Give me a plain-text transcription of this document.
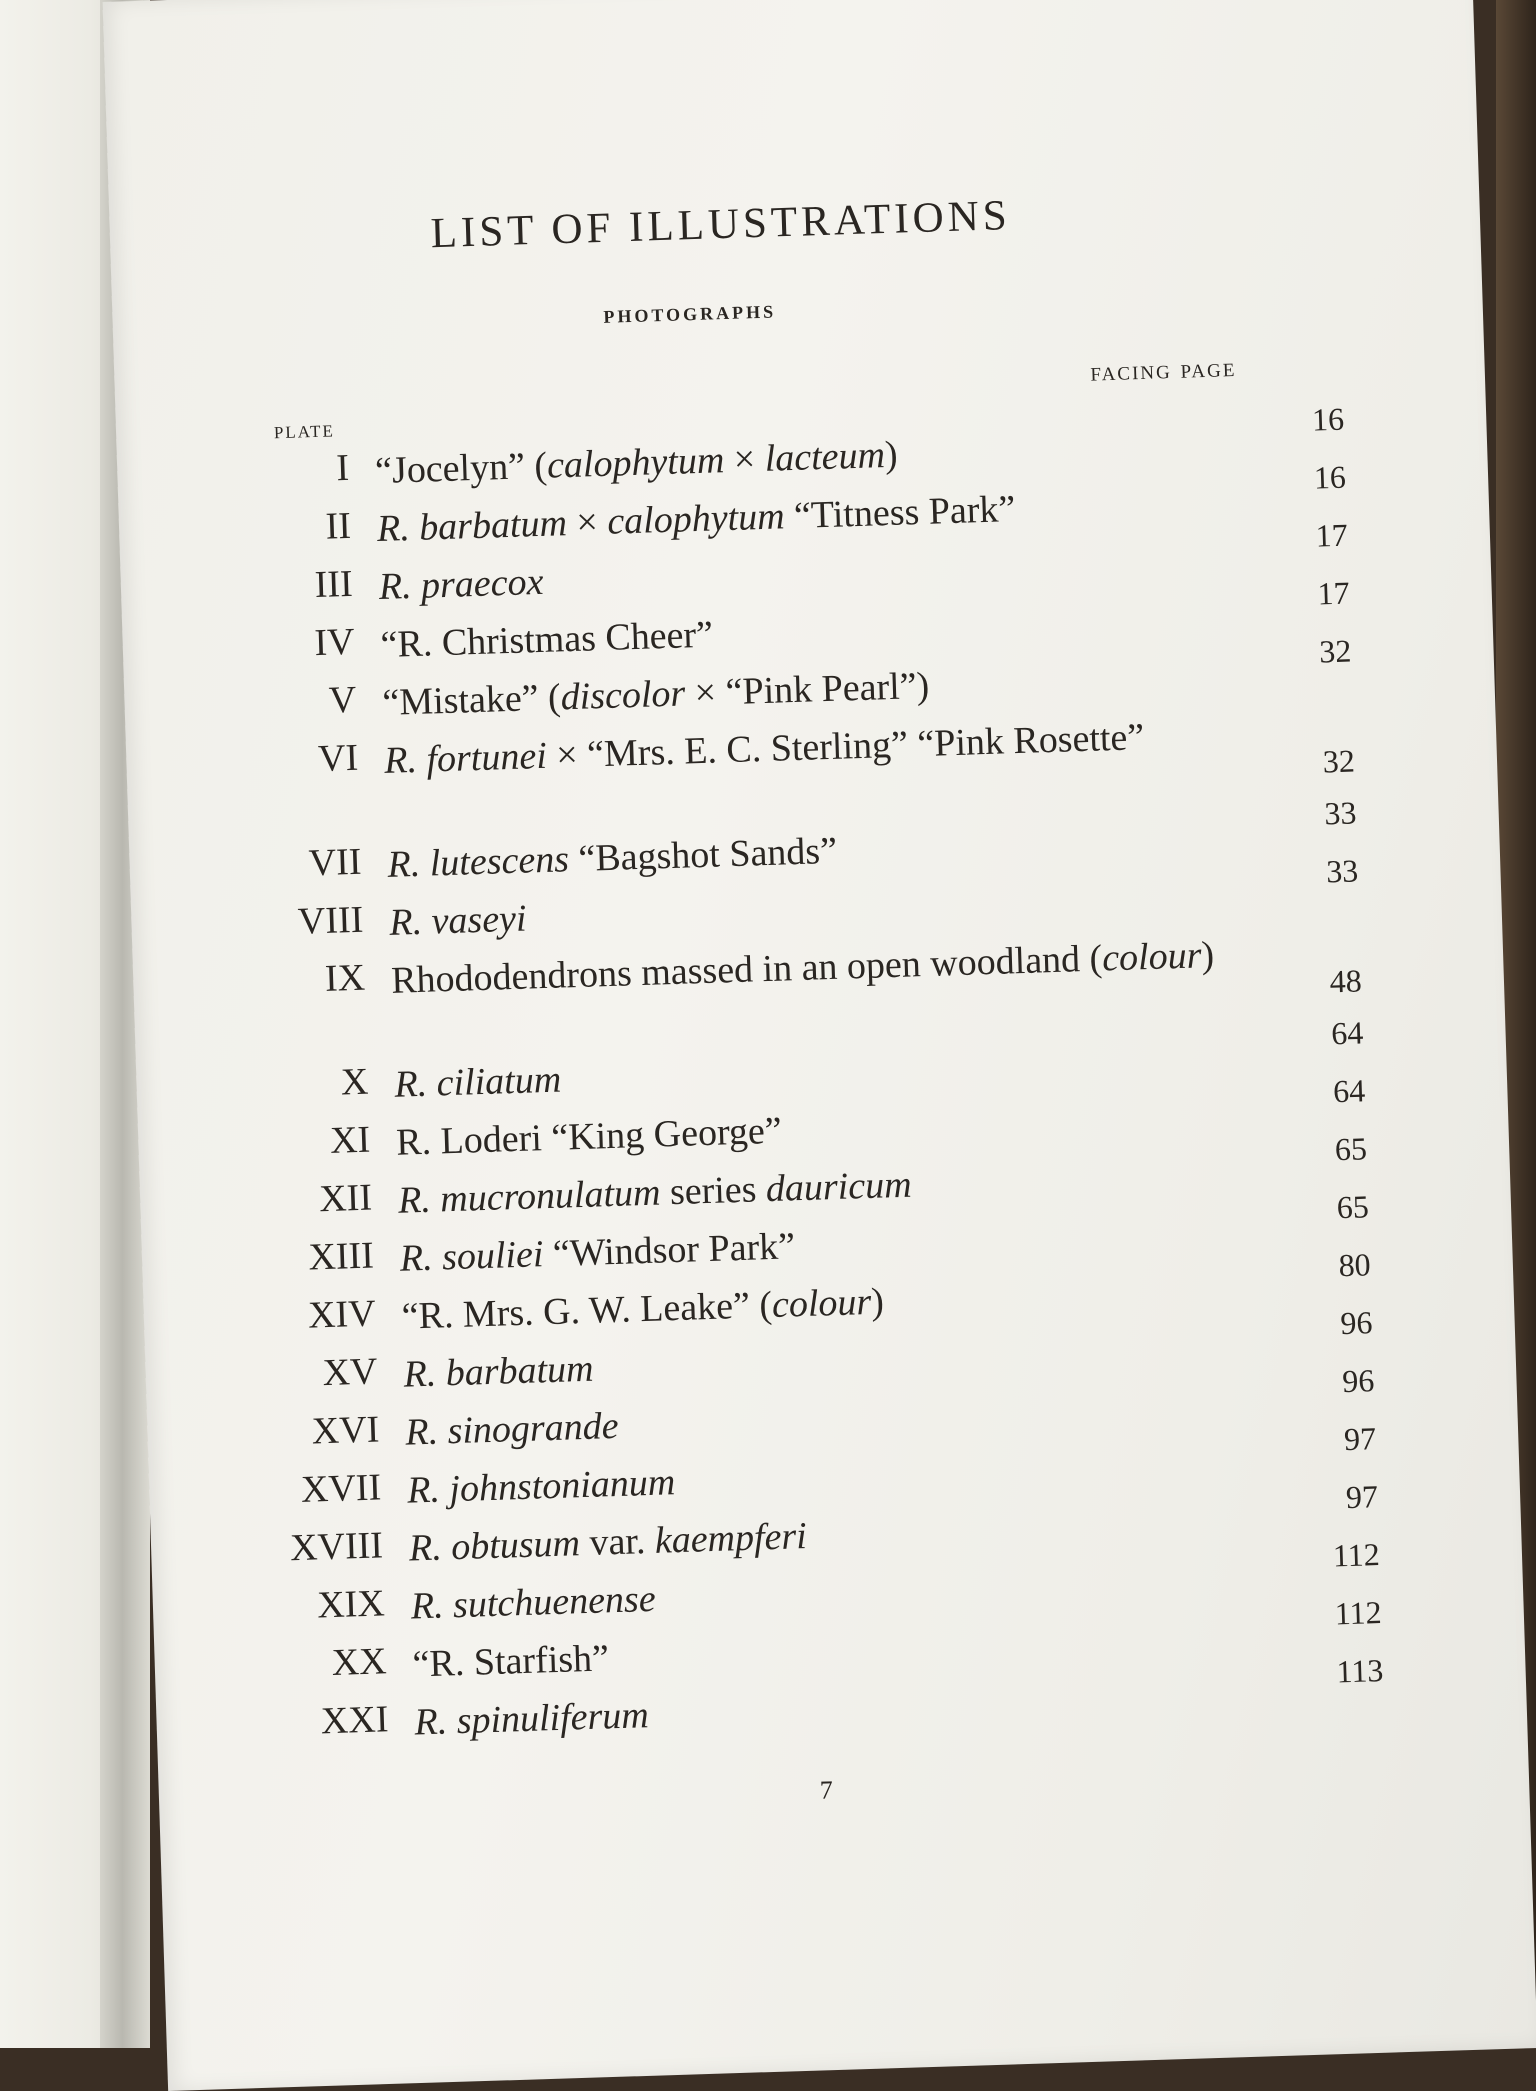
LIST OF ILLUSTRATIONS
photographs
facing page
plate
I “Jocelyn” (calophytum × lacteum)
16
II R. barbatum × calophytum “Titness Park”
16
III R. praecox
17
IV “R. Christmas Cheer”
17
V “Mistake” (discolor × “Pink Pearl”)
32
VI R. fortunei × “Mrs. E. C. Sterling” “Pink Rosette”	32
VII R. lutescens “Bagshot Sands”
33
VIII R. vaseyi
33
IX Rhododendrons massed in an open woodland (colour)
48
X R. ciliatum
64
XI R. Loderi “King George”
64
XII R. mucronulatum series dauricum
65
XIII R. souliei “Windsor Park”
65
XIV “R. Mrs. G. W. Leake” (colour)
80
XV R. barbatum
96
XVI R. sinogrande
96
XVII R. johnstonianum
97
XVIII R. obtusum var. kaempferi
97
XIX R. sutchuenense
112
XX “R. Starfish”
112
XXI R. spinuliferum
113
7
